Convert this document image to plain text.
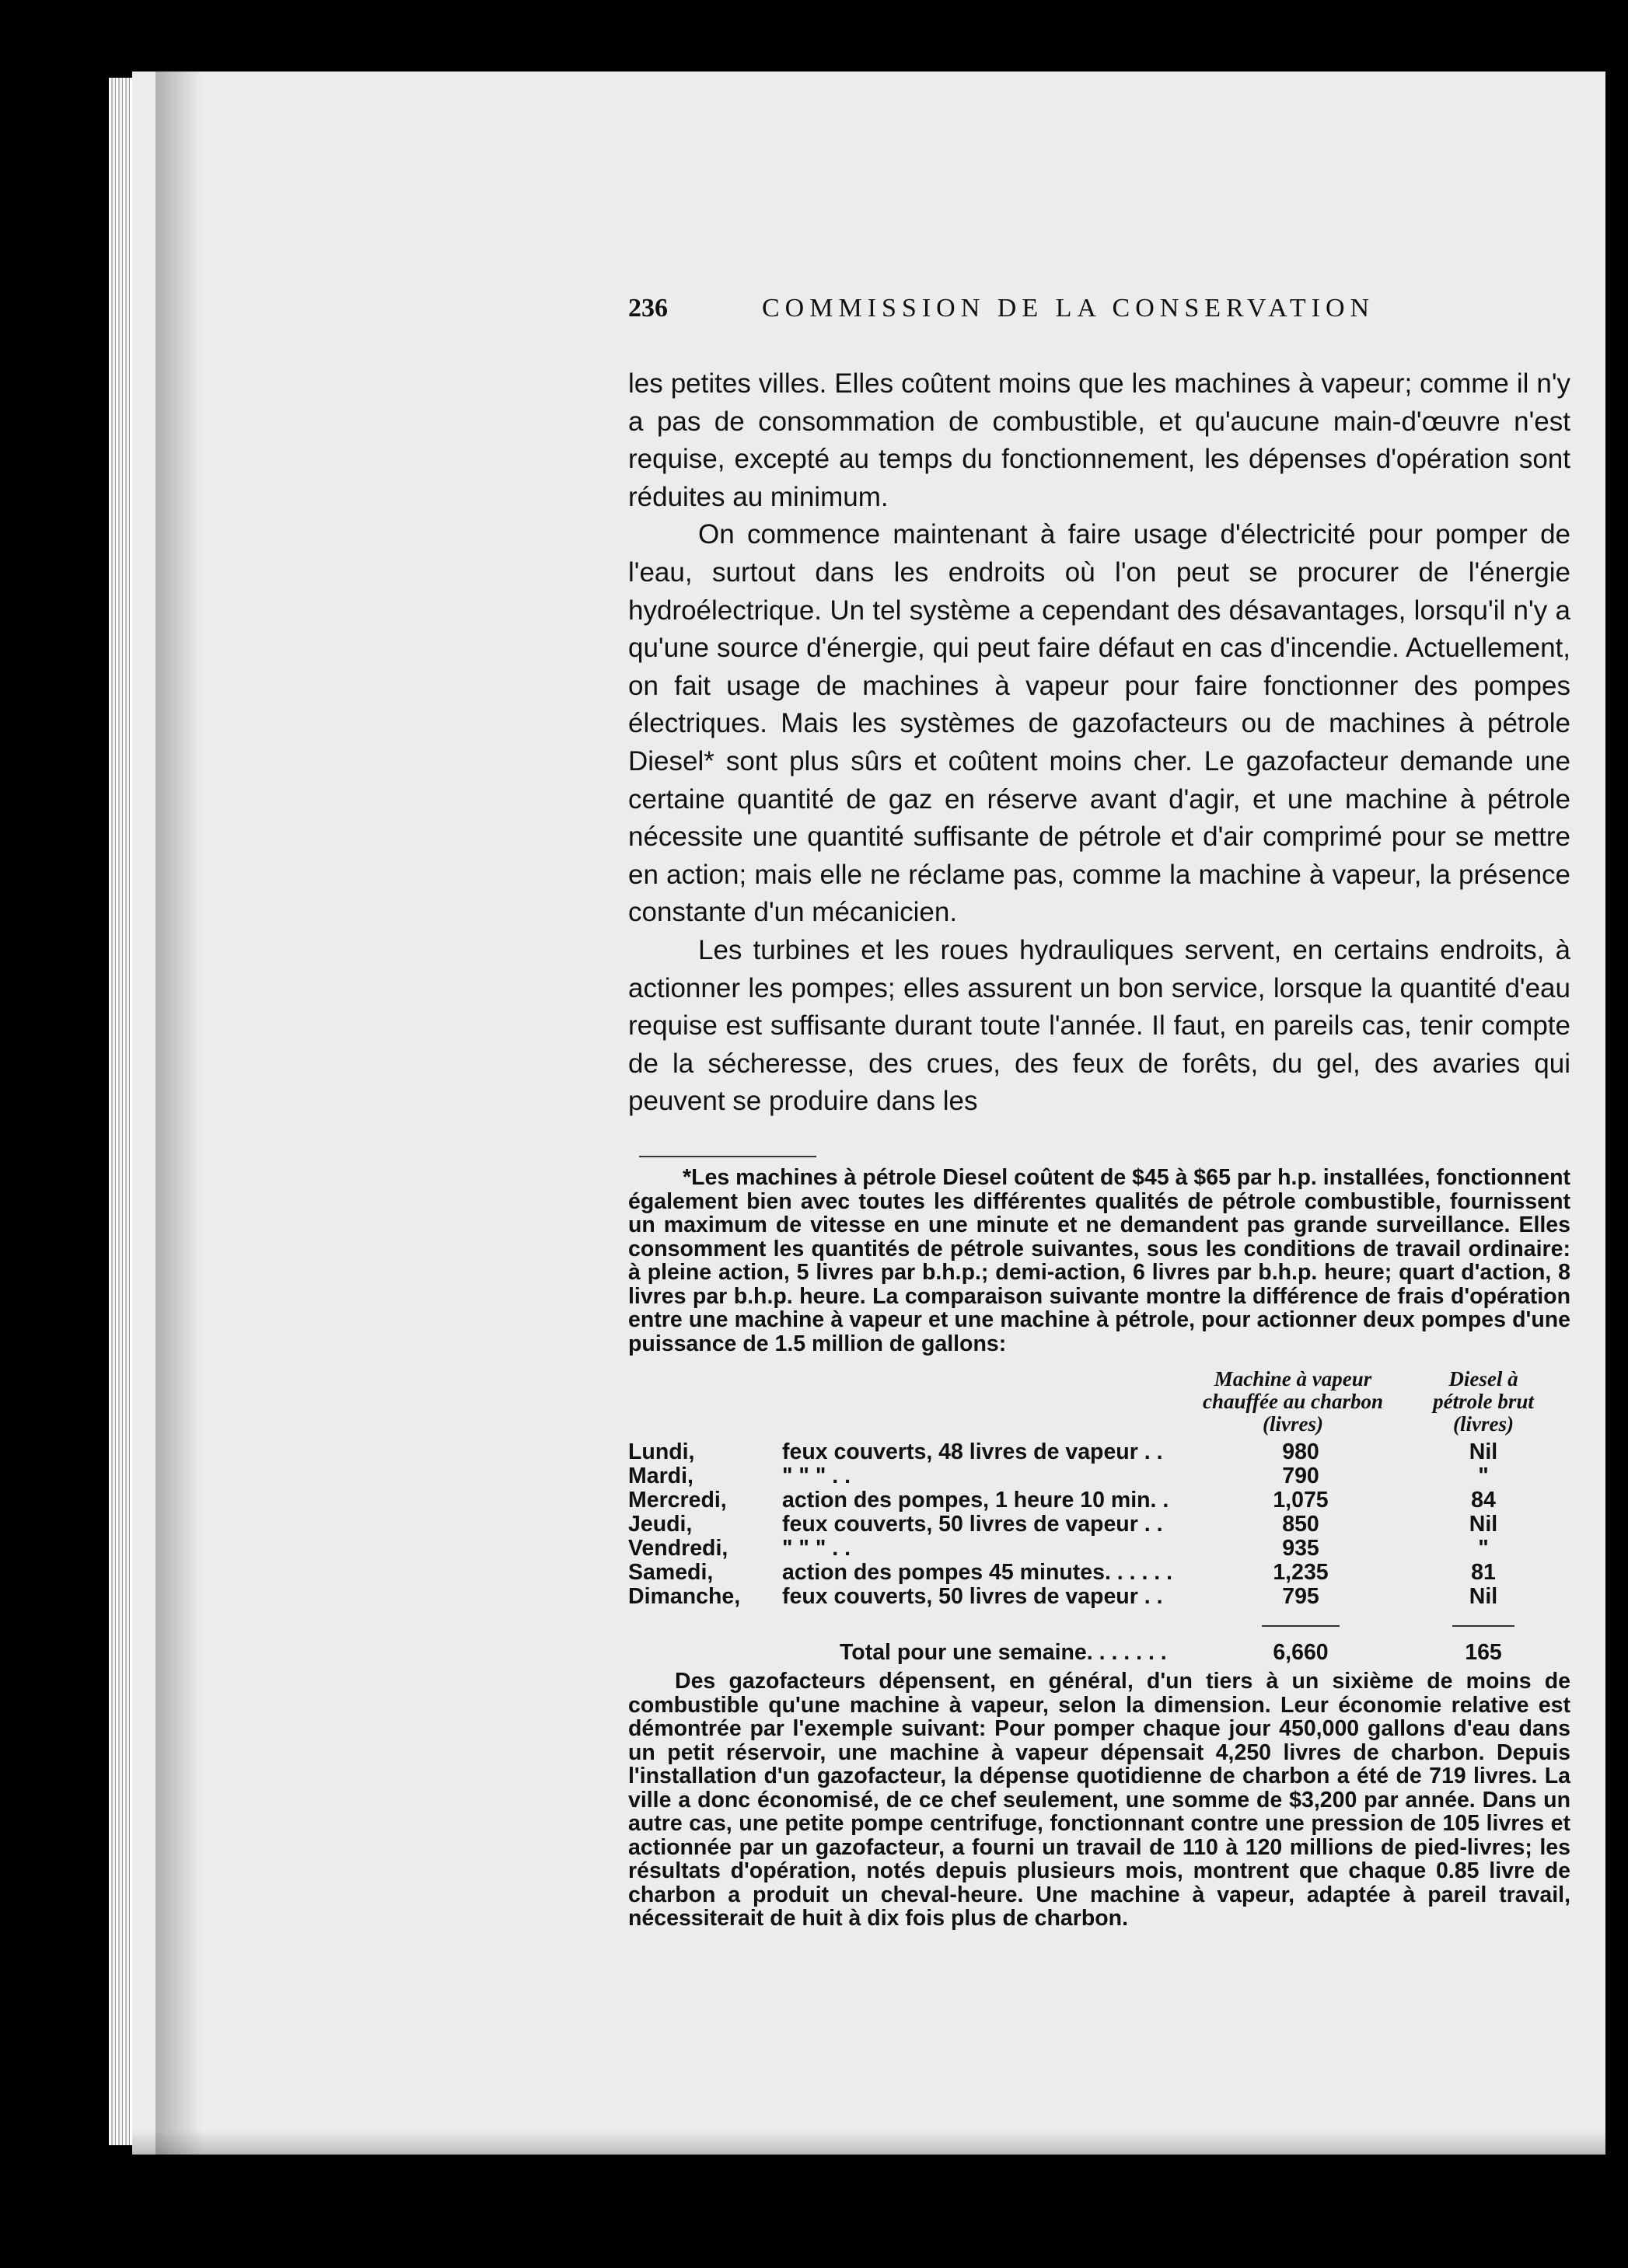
236	COMMISSION DE LA CONSERVATION

les petites villes. Elles coûtent moins que les machines à vapeur; comme il n'y a pas de consommation de combustible, et qu'aucune main-d'œuvre n'est requise, excepté au temps du fonctionnement, les dépenses d'opération sont réduites au minimum.

On commence maintenant à faire usage d'électricité pour pomper de l'eau, surtout dans les endroits où l'on peut se procurer de l'énergie hydroélectrique. Un tel système a cependant des désavantages, lorsqu'il n'y a qu'une source d'énergie, qui peut faire défaut en cas d'incendie. Actuellement, on fait usage de machines à vapeur pour faire fonctionner des pompes électriques. Mais les systèmes de gazofacteurs ou de machines à pétrole Diesel* sont plus sûrs et coûtent moins cher. Le gazofacteur demande une certaine quantité de gaz en réserve avant d'agir, et une machine à pétrole nécessite une quantité suffisante de pétrole et d'air comprimé pour se mettre en action; mais elle ne réclame pas, comme la machine à vapeur, la présence constante d'un mécanicien.

Les turbines et les roues hydrauliques servent, en certains endroits, à actionner les pompes; elles assurent un bon service, lorsque la quantité d'eau requise est suffisante durant toute l'année. Il faut, en pareils cas, tenir compte de la sécheresse, des crues, des feux de forêts, du gel, des avaries qui peuvent se produire dans les

*Les machines à pétrole Diesel coûtent de $45 à $65 par h.p. installées, fonctionnent également bien avec toutes les différentes qualités de pétrole combustible, fournissent un maximum de vitesse en une minute et ne demandent pas grande surveillance. Elles consomment les quantités de pétrole suivantes, sous les conditions de travail ordinaire: à pleine action, 5 livres par b.h.p.; demi-action, 6 livres par b.h.p. heure; quart d'action, 8 livres par b.h.p. heure. La comparaison suivante montre la différence de frais d'opération entre une machine à vapeur et une machine à pétrole, pour actionner deux pompes d'une puissance de 1.5 million de gallons:

Machine à vapeur
chauffée au charbon
(livres)
Diesel à
pétrole brut
(livres)
Lundi,	feux couverts, 48 livres de vapeur . .	980	Nil
Mardi,	" " " . .	790	"
Mercredi,	action des pompes, 1 heure 10 min. .	1,075	84
Jeudi,	feux couverts, 50 livres de vapeur . .	850	Nil
Vendredi, " " " . .	935	"
Samedi,	action des pompes 45 minutes. . . . . .	1,235	81
Dimanche, feux couverts, 50 livres de vapeur . .	795	Nil
Total pour une semaine. . . . . . .	6,660	165

Des gazofacteurs dépensent, en général, d'un tiers à un sixième de moins de combustible qu'une machine à vapeur, selon la dimension. Leur économie relative est démontrée par l'exemple suivant: Pour pomper chaque jour 450,000 gallons d'eau dans un petit réservoir, une machine à vapeur dépensait 4,250 livres de charbon. Depuis l'installation d'un gazofacteur, la dépense quotidienne de charbon a été de 719 livres. La ville a donc économisé, de ce chef seulement, une somme de $3,200 par année. Dans un autre cas, une petite pompe centrifuge, fonctionnant contre une pression de 105 livres et actionnée par un gazofacteur, a fourni un travail de 110 à 120 millions de pied-livres; les résultats d'opération, notés depuis plusieurs mois, montrent que chaque 0.85 livre de charbon a produit un cheval-heure. Une machine à vapeur, adaptée à pareil travail, nécessiterait de huit à dix fois plus de charbon.
